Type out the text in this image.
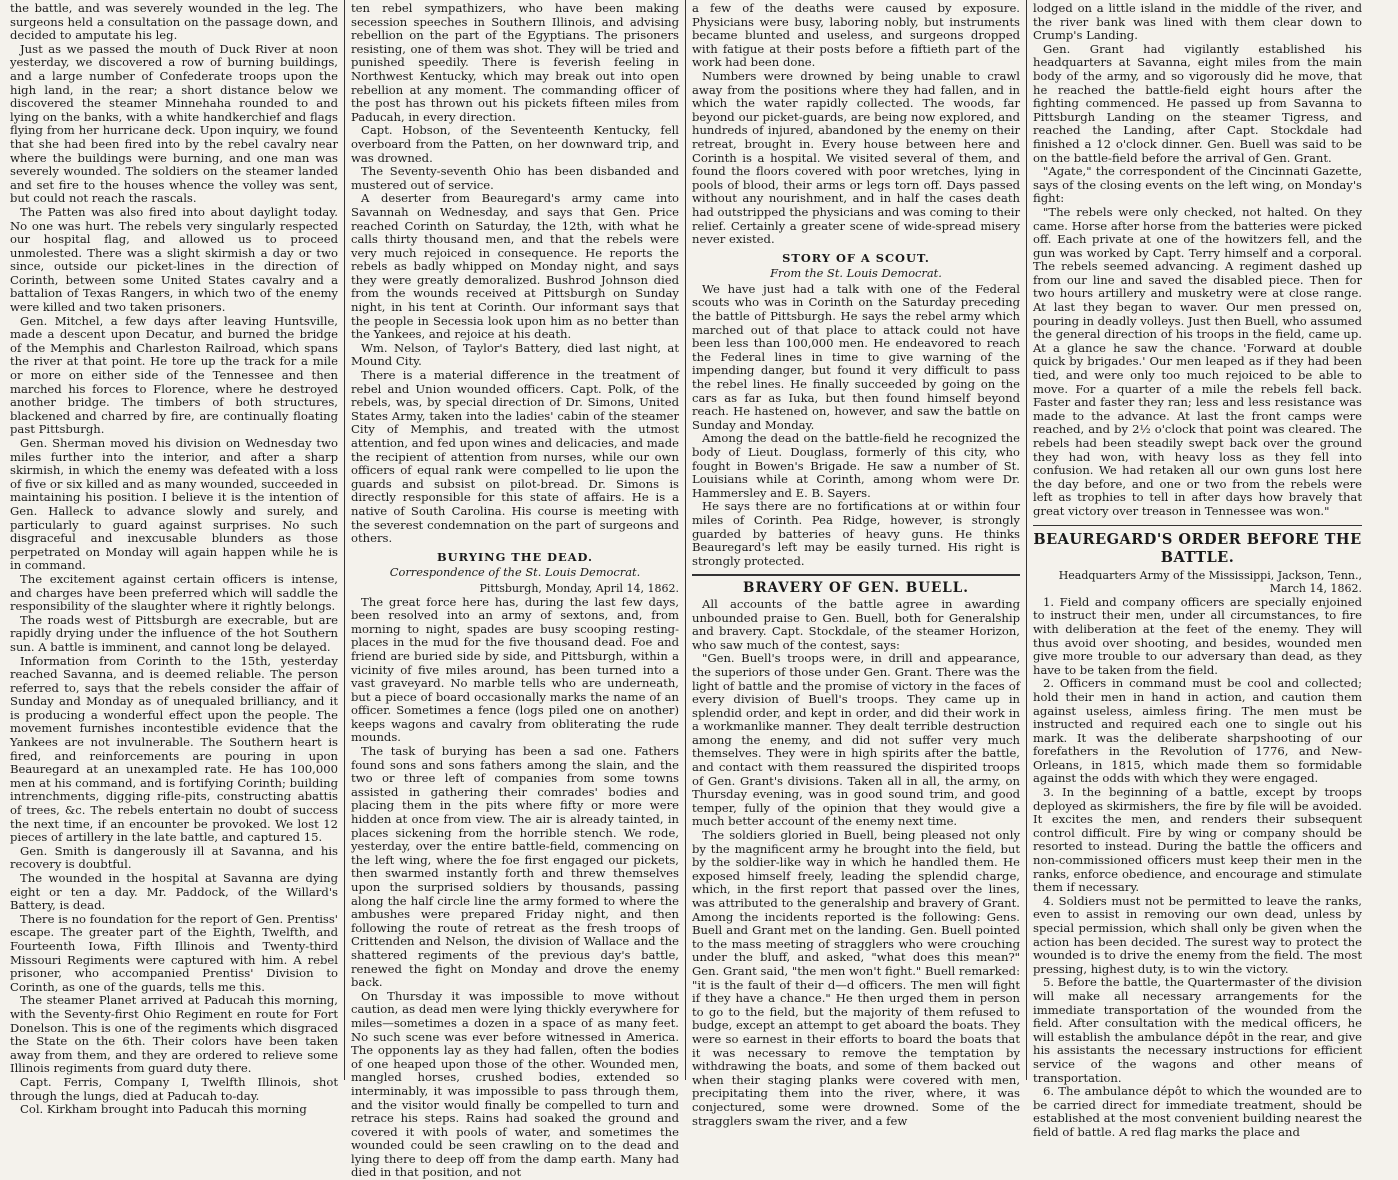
the battle, and was severely wounded in the leg. The surgeons held a consultation on the passage down, and decided to amputate his leg.

Just as we passed the mouth of Duck River at noon yesterday, we discovered a row of burning buildings, and a large number of Confederate troops upon the high land, in the rear; a short distance below we discovered the steamer Minnehaha rounded to and lying on the banks, with a white handkerchief and flags flying from her hurricane deck. Upon inquiry, we found that she had been fired into by the rebel cavalry near where the buildings were burning, and one man was severely wounded. The soldiers on the steamer landed and set fire to the houses whence the volley was sent, but could not reach the rascals.

The Patten was also fired into about daylight today. No one was hurt. The rebels very singularly respected our hospital flag, and allowed us to proceed unmolested. There was a slight skirmish a day or two since, outside our picket-lines in the direction of Corinth, between some United States cavalry and a battalion of Texas Rangers, in which two of the enemy were killed and two taken prisoners.

Gen. Mitchel, a few days after leaving Huntsville, made a descent upon Decatur, and burned the bridge of the Memphis and Charleston Railroad, which spans the river at that point. He tore up the track for a mile or more on either side of the Tennessee and then marched his forces to Florence, where he destroyed another bridge. The timbers of both structures, blackened and charred by fire, are continually floating past Pittsburgh.

Gen. Sherman moved his division on Wednesday two miles further into the interior, and after a sharp skirmish, in which the enemy was defeated with a loss of five or six killed and as many wounded, succeeded in maintaining his position. I believe it is the intention of Gen. Halleck to advance slowly and surely, and particularly to guard against surprises. No such disgraceful and inexcusable blunders as those perpetrated on Monday will again happen while he is in command.

The excitement against certain officers is intense, and charges have been preferred which will saddle the responsibility of the slaughter where it rightly belongs.

The roads west of Pittsburgh are execrable, but are rapidly drying under the influence of the hot Southern sun. A battle is imminent, and cannot long be delayed.

Information from Corinth to the 15th, yesterday reached Savanna, and is deemed reliable. The person referred to, says that the rebels consider the affair of Sunday and Monday as of unequaled brilliancy, and it is producing a wonderful effect upon the people. The movement furnishes incontestible evidence that the Yankees are not invulnerable. The Southern heart is fired, and reinforcements are pouring in upon Beauregard at an unexampled rate. He has 100,000 men at his command, and is fortifying Corinth; building intrenchments, digging rifle-pits, constructing abattis of trees, &c. The rebels entertain no doubt of success the next time, if an encounter be provoked. We lost 12 pieces of artillery in the late battle, and captured 15.

Gen. Smith is dangerously ill at Savanna, and his recovery is doubtful.

The wounded in the hospital at Savanna are dying eight or ten a day. Mr. Paddock, of the Willard's Battery, is dead.

There is no foundation for the report of Gen. Prentiss' escape. The greater part of the Eighth, Twelfth, and Fourteenth Iowa, Fifth Illinois and Twenty-third Missouri Regiments were captured with him. A rebel prisoner, who accompanied Prentiss' Division to Corinth, as one of the guards, tells me this.

The steamer Planet arrived at Paducah this morning, with the Seventy-first Ohio Regiment en route for Fort Donelson. This is one of the regiments which disgraced the State on the 6th. Their colors have been taken away from them, and they are ordered to relieve some Illinois regiments from guard duty there.

Capt. Ferris, Company I, Twelfth Illinois, shot through the lungs, died at Paducah to-day.

Col. Kirkham brought into Paducah this morning

ten rebel sympathizers, who have been making secession speeches in Southern Illinois, and advising rebellion on the part of the Egyptians. The prisoners resisting, one of them was shot. They will be tried and punished speedily. There is feverish feeling in Northwest Kentucky, which may break out into open rebellion at any moment. The commanding officer of the post has thrown out his pickets fifteen miles from Paducah, in every direction.

Capt. Hobson, of the Seventeenth Kentucky, fell overboard from the Patten, on her downward trip, and was drowned.

The Seventy-seventh Ohio has been disbanded and mustered out of service.

A deserter from Beauregard's army came into Savannah on Wednesday, and says that Gen. Price reached Corinth on Saturday, the 12th, with what he calls thirty thousand men, and that the rebels were very much rejoiced in consequence. He reports the rebels as badly whipped on Monday night, and says they were greatly demoralized. Bushrod Johnson died from the wounds received at Pittsburgh on Sunday night, in his tent at Corinth. Our informant says that the people in Secessia look upon him as no better than the Yankees, and rejoice at his death.

Wm. Nelson, of Taylor's Battery, died last night, at Mound City.

There is a material difference in the treatment of rebel and Union wounded officers. Capt. Polk, of the rebels, was, by special direction of Dr. Simons, United States Army, taken into the ladies' cabin of the steamer City of Memphis, and treated with the utmost attention, and fed upon wines and delicacies, and made the recipient of attention from nurses, while our own officers of equal rank were compelled to lie upon the guards and subsist on pilot-bread. Dr. Simons is directly responsible for this state of affairs. He is a native of South Carolina. His course is meeting with the severest condemnation on the part of surgeons and others.

BURYING THE DEAD.
Correspondence of the St. Louis Democrat.
Pittsburgh, Monday, April 14, 1862.

The great force here has, during the last few days, been resolved into an army of sextons, and, from morning to night, spades are busy scooping resting-places in the mud for the five thousand dead. Foe and friend are buried side by side, and Pittsburgh, within a vicinity of five miles around, has been turned into a vast graveyard. No marble tells who are underneath, but a piece of board occasionally marks the name of an officer. Sometimes a fence (logs piled one on another) keeps wagons and cavalry from obliterating the rude mounds.

The task of burying has been a sad one. Fathers found sons and sons fathers among the slain, and the two or three left of companies from some towns assisted in gathering their comrades' bodies and placing them in the pits where fifty or more were hidden at once from view. The air is already tainted, in places sickening from the horrible stench. We rode, yesterday, over the entire battle-field, commencing on the left wing, where the foe first engaged our pickets, then swarmed instantly forth and threw themselves upon the surprised soldiers by thousands, passing along the half circle line the army formed to where the ambushes were prepared Friday night, and then following the route of retreat as the fresh troops of Crittenden and Nelson, the division of Wallace and the shattered regiments of the previous day's battle, renewed the fight on Monday and drove the enemy back.

On Thursday it was impossible to move without caution, as dead men were lying thickly everywhere for miles—sometimes a dozen in a space of as many feet. No such scene was ever before witnessed in America. The opponents lay as they had fallen, often the bodies of one heaped upon those of the other. Wounded men, mangled horses, crushed bodies, extended so interminably, it was impossible to pass through them, and the visitor would finally be compelled to turn and retrace his steps. Rains had soaked the ground and covered it with pools of water, and sometimes the wounded could be seen crawling on to the dead and lying there to deep off from the damp earth. Many had died in that position, and not

a few of the deaths were caused by exposure. Physicians were busy, laboring nobly, but instruments became blunted and useless, and surgeons dropped with fatigue at their posts before a fiftieth part of the work had been done.

Numbers were drowned by being unable to crawl away from the positions where they had fallen, and in which the water rapidly collected. The woods, far beyond our picket-guards, are being now explored, and hundreds of injured, abandoned by the enemy on their retreat, brought in. Every house between here and Corinth is a hospital. We visited several of them, and found the floors covered with poor wretches, lying in pools of blood, their arms or legs torn off. Days passed without any nourishment, and in half the cases death had outstripped the physicians and was coming to their relief. Certainly a greater scene of wide-spread misery never existed.

STORY OF A SCOUT.
From the St. Louis Democrat.

We have just had a talk with one of the Federal scouts who was in Corinth on the Saturday preceding the battle of Pittsburgh. He says the rebel army which marched out of that place to attack could not have been less than 100,000 men. He endeavored to reach the Federal lines in time to give warning of the impending danger, but found it very difficult to pass the rebel lines. He finally succeeded by going on the cars as far as Iuka, but then found himself beyond reach. He hastened on, however, and saw the battle on Sunday and Monday.

Among the dead on the battle-field he recognized the body of Lieut. Douglass, formerly of this city, who fought in Bowen's Brigade. He saw a number of St. Louisians while at Corinth, among whom were Dr. Hammersley and E. B. Sayers.

He says there are no fortifications at or within four miles of Corinth. Pea Ridge, however, is strongly guarded by batteries of heavy guns. He thinks Beauregard's left may be easily turned. His right is strongly protected.

BRAVERY OF GEN. BUELL.

All accounts of the battle agree in awarding unbounded praise to Gen. Buell, both for Generalship and bravery. Capt. Stockdale, of the steamer Horizon, who saw much of the contest, says:

"Gen. Buell's troops were, in drill and appearance, the superiors of those under Gen. Grant. There was the light of battle and the promise of victory in the faces of every division of Buell's troops. They came up in splendid order, and kept in order, and did their work in a workmanlike manner. They dealt terrible destruction among the enemy, and did not suffer very much themselves. They were in high spirits after the battle, and contact with them reassured the dispirited troops of Gen. Grant's divisions. Taken all in all, the army, on Thursday evening, was in good sound trim, and good temper, fully of the opinion that they would give a much better account of the enemy next time.

The soldiers gloried in Buell, being pleased not only by the magnificent army he brought into the field, but by the soldier-like way in which he handled them. He exposed himself freely, leading the splendid charge, which, in the first report that passed over the lines, was attributed to the generalship and bravery of Grant. Among the incidents reported is the following: Gens. Buell and Grant met on the landing. Gen. Buell pointed to the mass meeting of stragglers who were crouching under the bluff, and asked, "what does this mean?" Gen. Grant said, "the men won't fight." Buell remarked: "it is the fault of their d—d officers. The men will fight if they have a chance." He then urged them in person to go to the field, but the majority of them refused to budge, except an attempt to get aboard the boats. They were so earnest in their efforts to board the boats that it was necessary to remove the temptation by withdrawing the boats, and some of them backed out when their staging planks were covered with men, precipitating them into the river, where, it was conjectured, some were drowned. Some of the stragglers swam the river, and a few

lodged on a little island in the middle of the river, and the river bank was lined with them clear down to Crump's Landing.

Gen. Grant had vigilantly established his headquarters at Savanna, eight miles from the main body of the army, and so vigorously did he move, that he reached the battle-field eight hours after the fighting commenced. He passed up from Savanna to Pittsburgh Landing on the steamer Tigress, and reached the Landing, after Capt. Stockdale had finished a 12 o'clock dinner. Gen. Buell was said to be on the battle-field before the arrival of Gen. Grant.

"Agate," the correspondent of the Cincinnati Gazette, says of the closing events on the left wing, on Monday's fight:

"The rebels were only checked, not halted. On they came. Horse after horse from the batteries were picked off. Each private at one of the howitzers fell, and the gun was worked by Capt. Terry himself and a corporal. The rebels seemed advancing. A regiment dashed up from our line and saved the disabled piece. Then for two hours artillery and musketry were at close range. At last they began to waver. Our men pressed on, pouring in deadly volleys. Just then Buell, who assumed the general direction of his troops in the field, came up. At a glance he saw the chance. 'Forward at double quick by brigades.' Our men leaped as if they had been tied, and were only too much rejoiced to be able to move. For a quarter of a mile the rebels fell back. Faster and faster they ran; less and less resistance was made to the advance. At last the front camps were reached, and by 2½ o'clock that point was cleared. The rebels had been steadily swept back over the ground they had won, with heavy loss as they fell into confusion. We had retaken all our own guns lost here the day before, and one or two from the rebels were left as trophies to tell in after days how bravely that great victory over treason in Tennessee was won."

BEAUREGARD'S ORDER BEFORE THE BATTLE.
Headquarters Army of the Mississippi, Jackson, Tenn., March 14, 1862.

1. Field and company officers are specially enjoined to instruct their men, under all circumstances, to fire with deliberation at the feet of the enemy. They will thus avoid over shooting, and besides, wounded men give more trouble to our adversary than dead, as they have to be taken from the field.

2. Officers in command must be cool and collected; hold their men in hand in action, and caution them against useless, aimless firing. The men must be instructed and required each one to single out his mark. It was the deliberate sharpshooting of our forefathers in the Revolution of 1776, and New-Orleans, in 1815, which made them so formidable against the odds with which they were engaged.

3. In the beginning of a battle, except by troops deployed as skirmishers, the fire by file will be avoided. It excites the men, and renders their subsequent control difficult. Fire by wing or company should be resorted to instead. During the battle the officers and non-commissioned officers must keep their men in the ranks, enforce obedience, and encourage and stimulate them if necessary.

4. Soldiers must not be permitted to leave the ranks, even to assist in removing our own dead, unless by special permission, which shall only be given when the action has been decided. The surest way to protect the wounded is to drive the enemy from the field. The most pressing, highest duty, is to win the victory.

5. Before the battle, the Quartermaster of the division will make all necessary arrangements for the immediate transportation of the wounded from the field. After consultation with the medical officers, he will establish the ambulance dépôt in the rear, and give his assistants the necessary instructions for efficient service of the wagons and other means of transportation.

6. The ambulance dépôt to which the wounded are to be carried direct for immediate treatment, should be established at the most convenient building nearest the field of battle. A red flag marks the place and
